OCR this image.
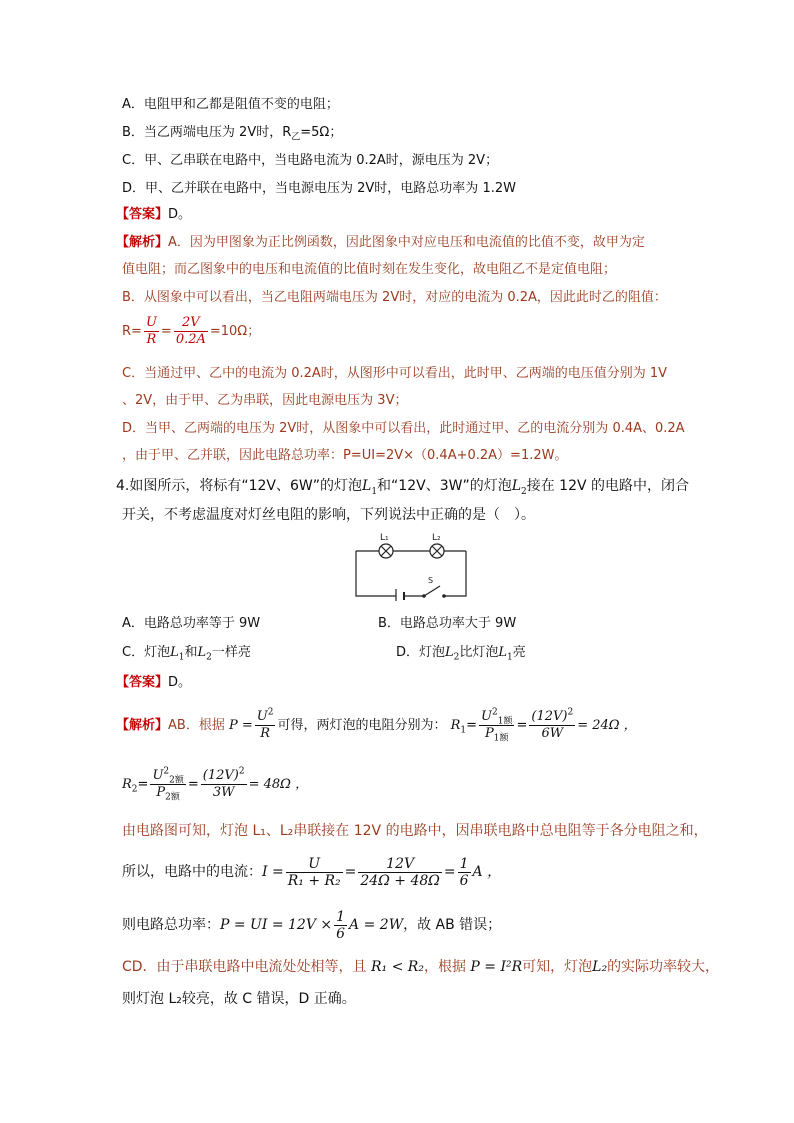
A．电阻甲和乙都是阻值不变的电阻；
B．当乙两端电压为 2V时，$R_乙=5\Omega$；
C．甲、乙串联在电路中，当电路电流为 0.2A时，源电压为 2V；
D．甲、乙并联在电路中，当电源电压为 2V时，电路总功率为 1.2W
【答案】D。
【解析】A．因为甲图象为正比例函数，因此图象中对应电压和电流值的比值不变，故甲为定
值电阻；而乙图象中的电压和电流值的比值时刻在发生变化，故电阻乙不是定值电阻；
B．从图象中可以看出，当乙电阻两端电压为 2V时，对应的电流为 0.2A，因此此时乙的阻值：
$R= \frac{U}{R} = \frac{2V}{0.2A} =10\Omega$；
C．当通过甲、乙中的电流为 0.2A时，从图形中可以看出，此时甲、乙两端的电压值分别为 1V
、2V，由于甲、乙为串联，因此电源电压为 3V；
D．当甲、乙两端的电压为 2V时，从图象中可以看出，此时通过甲、乙的电流分别为 0.4A、0.2A
，由于甲、乙并联，因此电路总功率：P=UI=2V×（0.4A+0.2A）=1.2W。
4.如图所示，将标有“12V、6W”的灯泡$L_1$和“12V、3W”的灯泡$L_2$接在 12V 的电路中，闭合
开关，不考虑温度对灯丝电阻的影响，下列说法中正确的是（　）。
L₁	L₂
S
A．电路总功率等于 9W	B．电路总功率大于 9W
C．灯泡$L_1$和$L_2$一样亮	D．灯泡$L_2$比灯泡$L_1$亮
【答案】D。
【解析】AB．根据 $P = \frac{U^2}{R}$ 可得，两灯泡的电阻分别为： $R_1= \frac{U^2_{1额}}{P_{1额}} = \frac{(12V)^2}{6W} = 24\Omega$ ，
$R_2= \frac{U^2_{2额}}{P_{2额}} = \frac{(12V)^2}{3W} = 48\Omega$ ，
由电路图可知，灯泡 L₁、L₂串联接在 12V 的电路中，因串联电路中总电阻等于各分电阻之和，
所以，电路中的电流：$I = \frac{U}{\text{R₁ + R₂}} = \frac{12V}{24\Omega + 48\Omega} = \frac{1}{6}$ A ，
则电路总功率：P = UI = $12V \times \frac{1}{6}$ A = 2W，故 AB 错误；
CD．由于串联电路中电流处处相等，且 R₁ < R₂，根据 P = I²R可知，灯泡L₂的实际功率较大，
则灯泡 L₂较亮，故 C 错误，D 正确。
